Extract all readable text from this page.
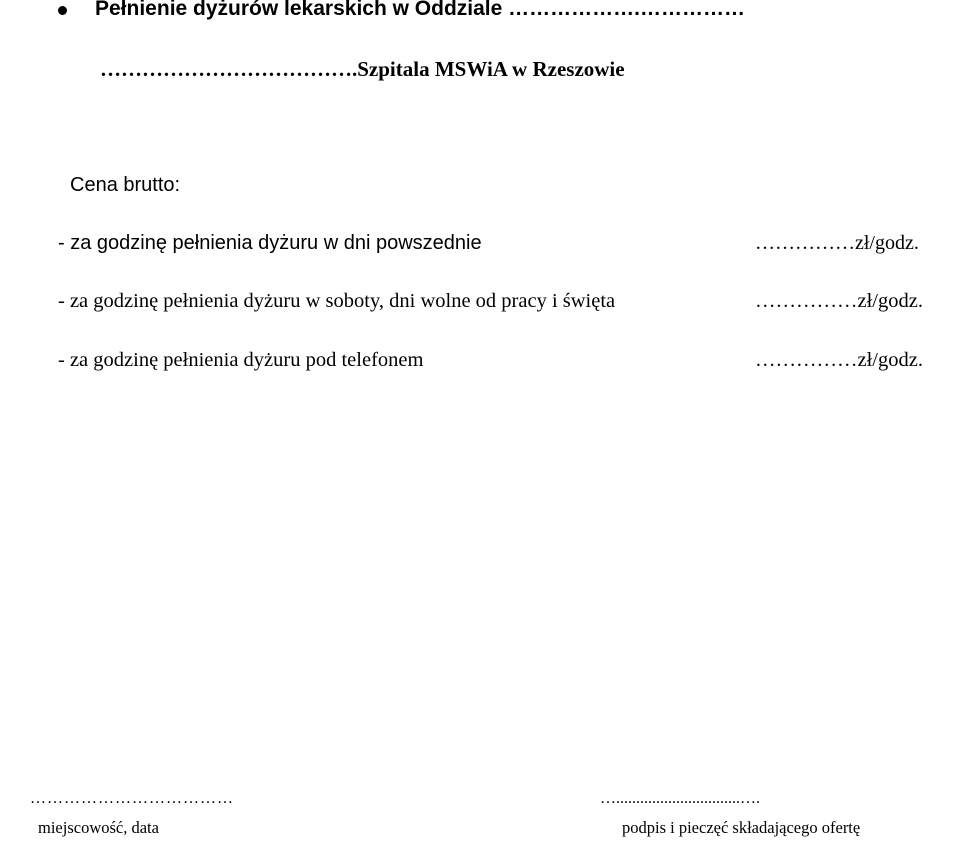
Pełnienie dyżurów lekarskich w Oddziale ……………….……………
……………………………….Szpitala MSWiA w Rzeszowie
Cena brutto:
- za godzinę pełnienia dyżuru w dni powszednie	……………zł/godz.
- za godzinę pełnienia dyżuru w soboty, dni wolne od pracy i święta	……………zł/godz.
- za godzinę pełnienia dyżuru pod telefonem	……………zł/godz.
………………………………	…...............................….
miejscowość, data	podpis i pieczęć składającego ofertę
